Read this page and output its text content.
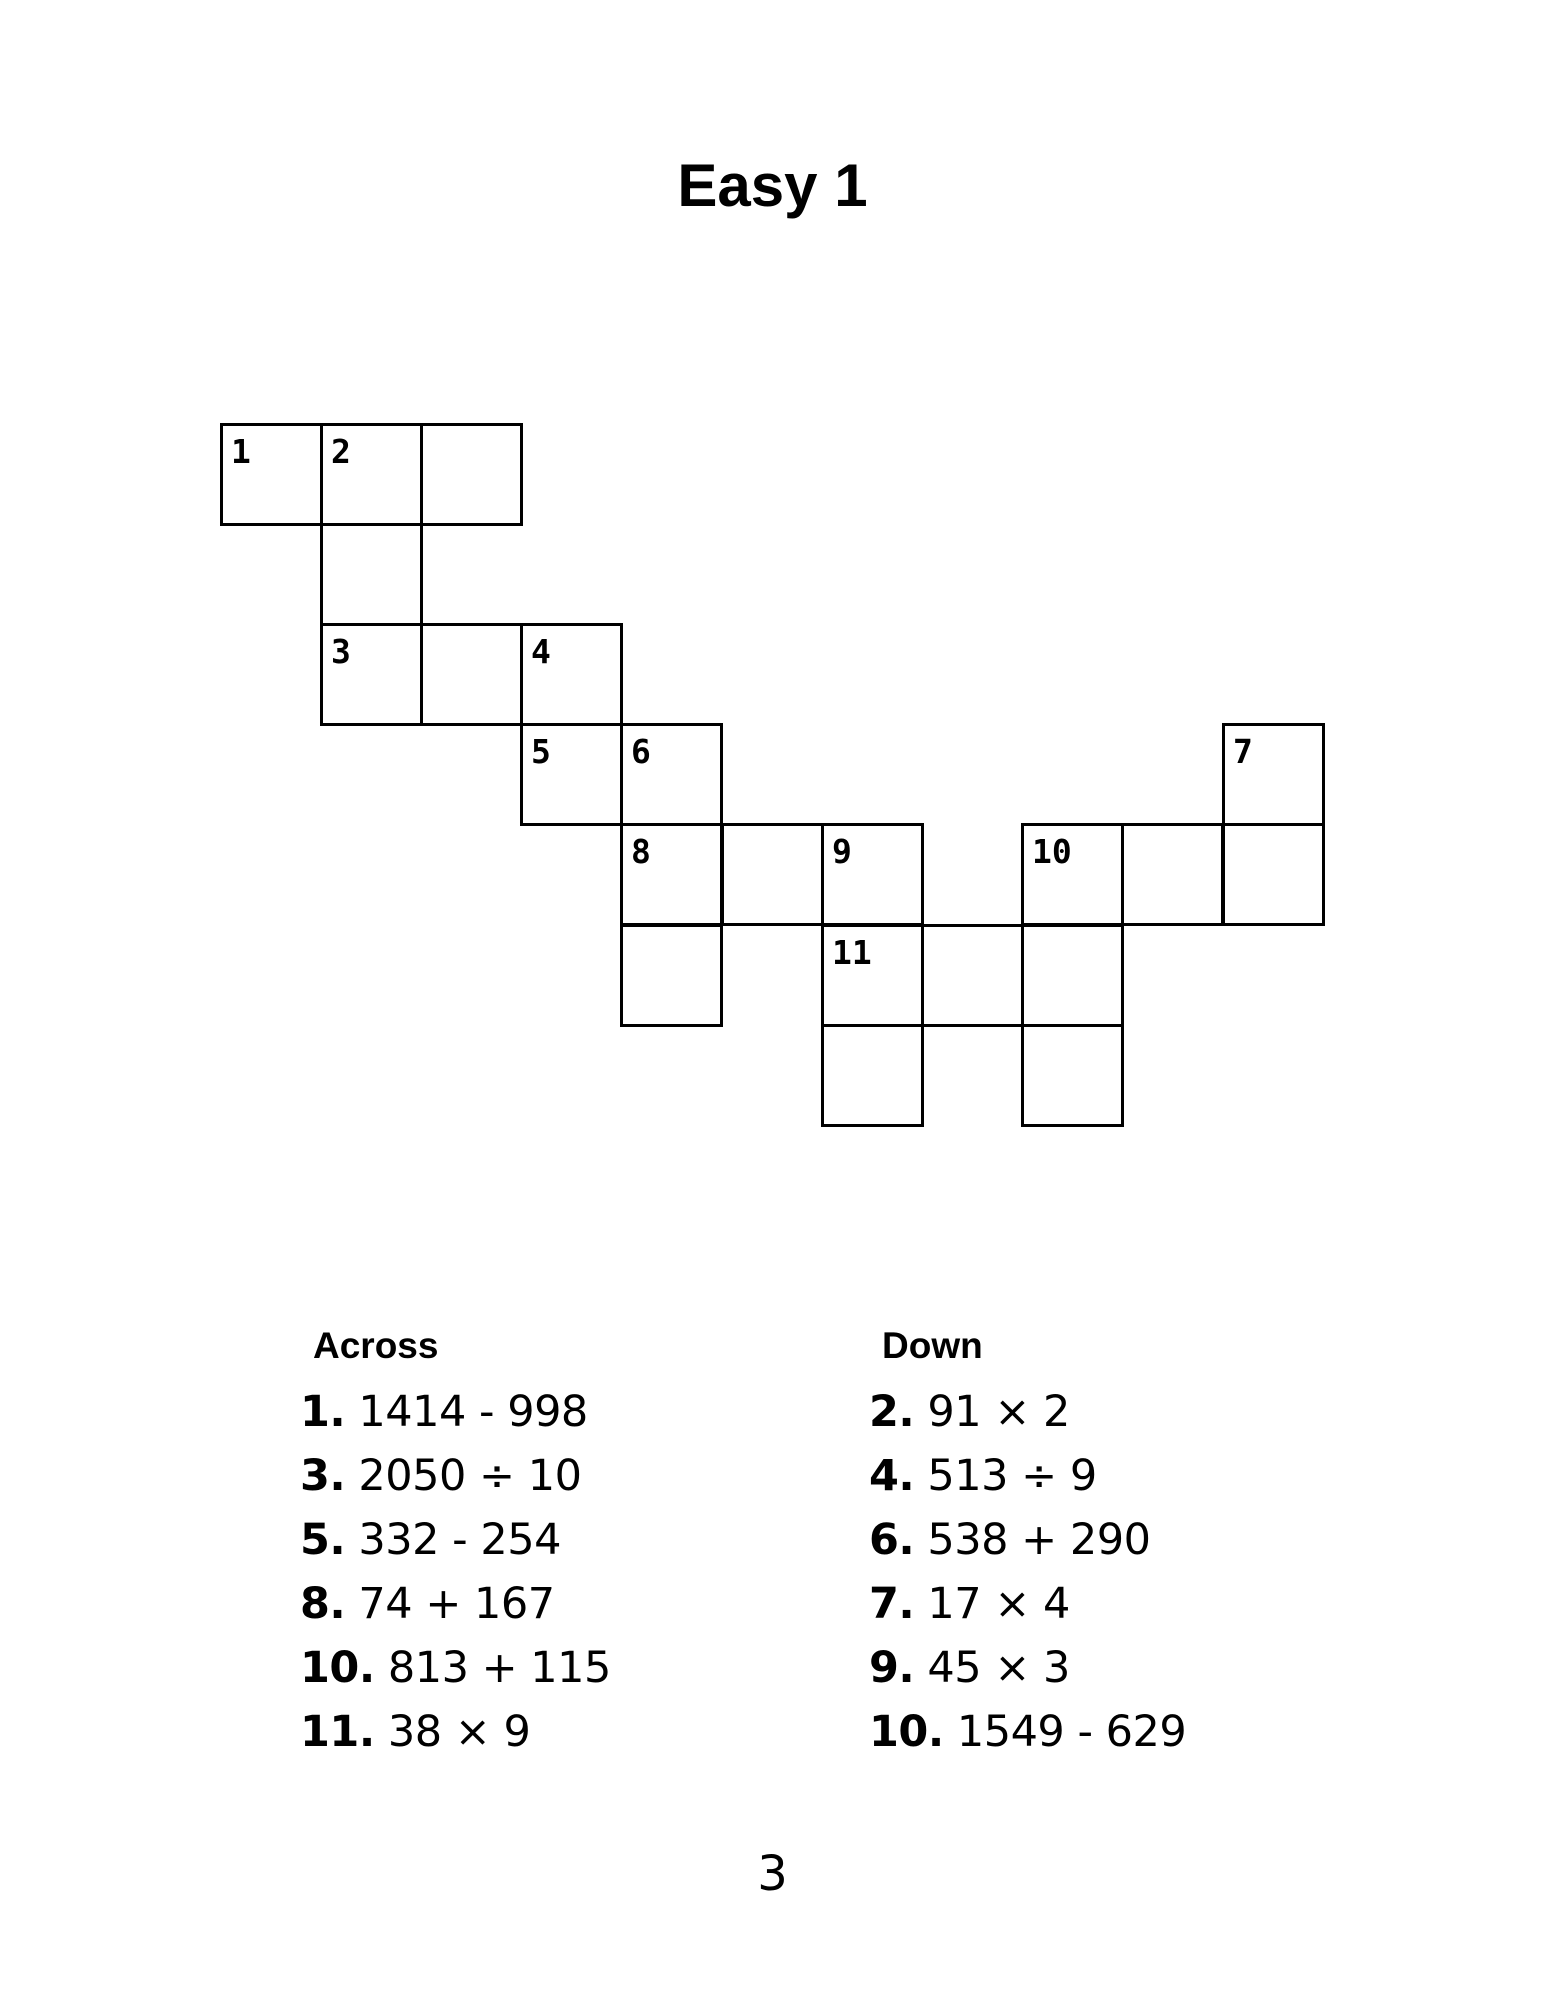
Easy 1
1 2
3	4
5 6	7
8	9	10
11
Across
1. 1414 - 998
3. 2050 ÷ 10
5. 332 - 254
8. 74 + 167
10. 813 + 115
11. 38 × 9
Down
2. 91 × 2
4. 513 ÷ 9
6. 538 + 290
7. 17 × 4
9. 45 × 3
10. 1549 - 629
3
